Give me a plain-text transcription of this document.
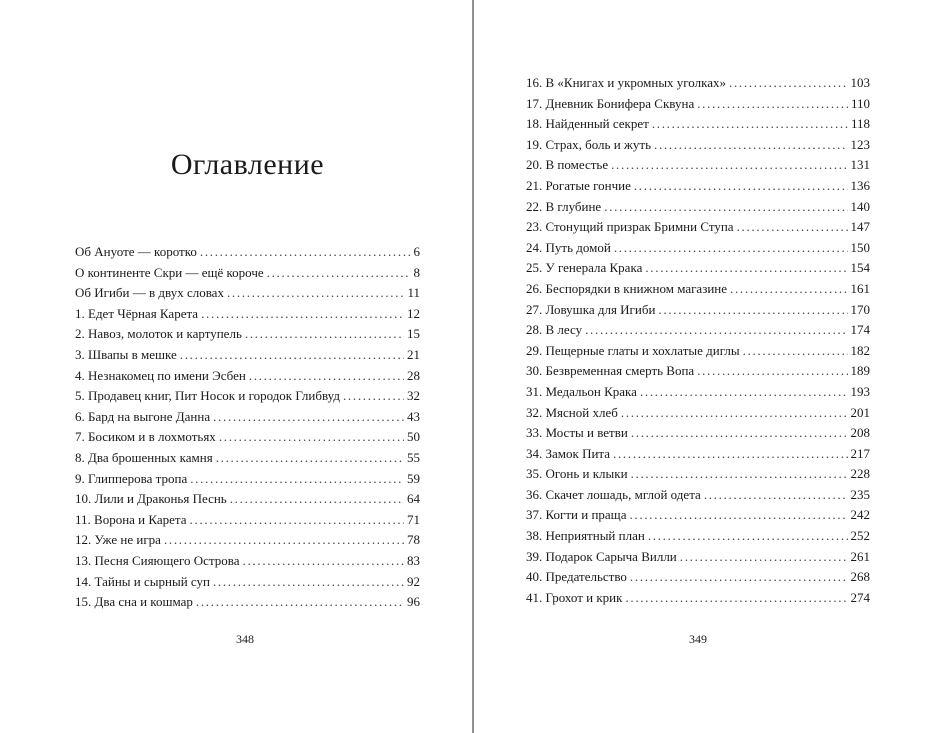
Оглавление
Об Ануоте — коротко .....	6
О континенте Скри — ещё короче .....	8
Об Игиби — в двух словах .....	11
1. Едет Чёрная Карета .....	12
2. Навоз, молоток и картупель .....	15
3. Швапы в мешке .....	21
4. Незнакомец по имени Эсбен .....	28
5. Продавец книг, Пит Носок и городок Глибвуд .....	32
6. Бард на выгоне Данна .....	43
7. Босиком и в лохмотьях .....	50
8. Два брошенных камня .....	55
9. Глипперова тропа .....	59
10. Лили и Драконья Песнь .....	64
11. Ворона и Карета .....	71
12. Уже не игра .....	78
13. Песня Сияющего Острова .....	83
14. Тайны и сырный суп .....	92
15. Два сна и кошмар .....	96
348
16. В «Книгах и укромных уголках» .....	103
17. Дневник Бонифера Сквуна .....	110
18. Найденный секрет .....	118
19. Страх, боль и жуть .....	123
20. В поместье .....	131
21. Рогатые гончие .....	136
22. В глубине .....	140
23. Стонущий призрак Бримни Ступа .....	147
24. Путь домой .....	150
25. У генерала Крака .....	154
26. Беспорядки в книжном магазине .....	161
27. Ловушка для Игиби .....	170
28. В лесу .....	174
29. Пещерные глаты и хохлатые диглы .....	182
30. Безвременная смерть Вопа .....	189
31. Медальон Крака .....	193
32. Мясной хлеб .....	201
33. Мосты и ветви .....	208
34. Замок Пита .....	217
35. Огонь и клыки .....	228
36. Скачет лошадь, мглой одета .....	235
37. Когти и праща .....	242
38. Неприятный план .....	252
39. Подарок Сарыча Вилли .....	261
40. Предательство .....	268
41. Грохот и крик .....	274
349
